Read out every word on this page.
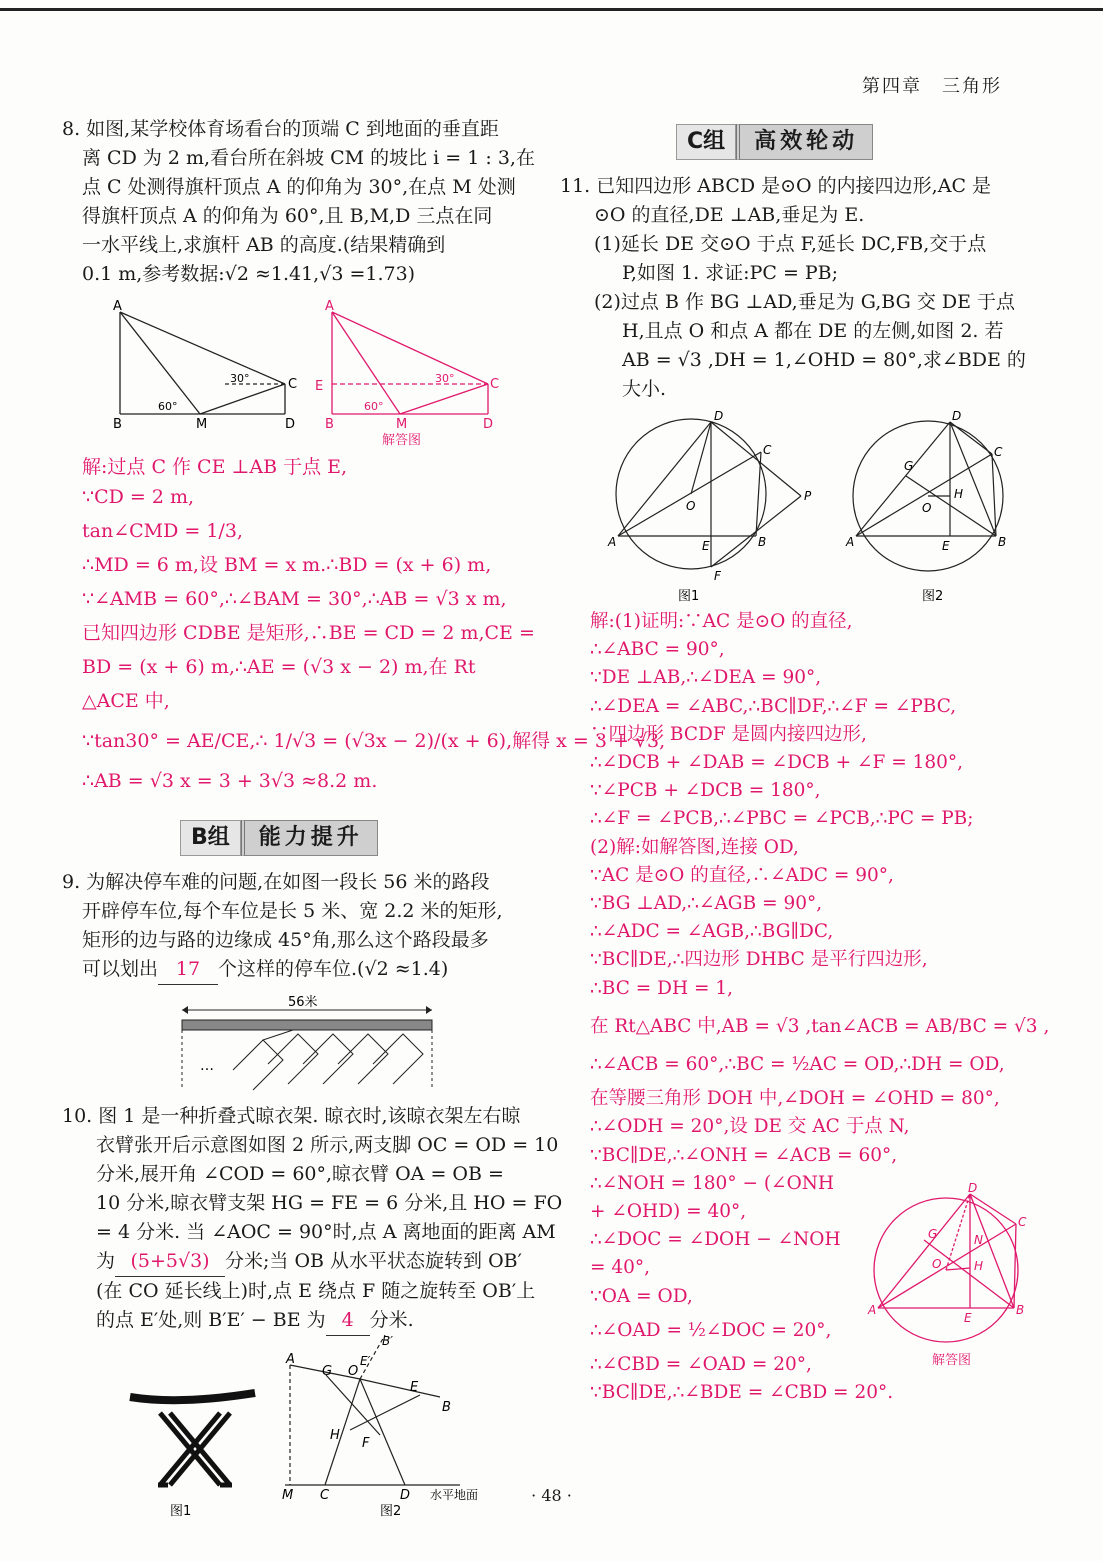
第四章　三角形
8. 如图,某学校体育场看台的顶端 C 到地面的垂直距
离 CD 为 2 m,看台所在斜坡 CM 的坡比 i = 1 : 3,在
点 C 处测得旗杆顶点 A 的仰角为 30°,在点 M 处测
得旗杆顶点 A 的仰角为 60°,且 B,M,D 三点在同
一水平线上,求旗杆 AB 的高度.(结果精确到
0.1 m,参考数据:√2 ≈1.41,√3 =1.73)
A
B	M	D
C
30°
60°
A
E
B	M	D
C
30°
60°
解答图
解:过点 C 作 CE ⊥AB 于点 E,
∵CD = 2 m,
tan∠CMD = 1/3,
∴MD = 6 m,设 BM = x m.∴BD = (x + 6) m,
∵∠AMB = 60°,∴∠BAM = 30°,∴AB = √3 x m,
已知四边形 CDBE 是矩形,∴BE = CD = 2 m,CE =
BD = (x + 6) m,∴AE = (√3 x − 2) m,在 Rt
△ACE 中,
∵tan30° = AE/CE,∴ 1/√3 = (√3x − 2)/(x + 6),解得 x = 3 + √3,
∴AB = √3 x = 3 + 3√3 ≈8.2 m.
B组	能力提升
9. 为解决停车难的问题,在如图一段长 56 米的路段
开辟停车位,每个车位是长 5 米、宽 2.2 米的矩形,
矩形的边与路的边缘成 45°角,那么这个路段最多
可以划出 17 个这样的停车位.(√2 ≈1.4)
56米
…
10. 图 1 是一种折叠式晾衣架. 晾衣时,该晾衣架左右晾
衣臂张开后示意图如图 2 所示,两支脚 OC = OD = 10
分米,展开角 ∠COD = 60°,晾衣臂 OA = OB =
10 分米,晾衣臂支架 HG = FE = 6 分米,且 HO = FO
= 4 分米. 当 ∠AOC = 90°时,点 A 离地面的距离 AM
为 (5+5√3) 分米;当 OB 从水平状态旋转到 OB′
(在 CO 延长线上)时,点 E 绕点 F 随之旋转至 OB′上
的点 E′处,则 B′E′ − BE 为 4 分米.
图1
A
G O
E′
B′
E
B
H
F
M C	D 水平地面
图2
· 48 ·
C组	高效轮动
11. 已知四边形 ABCD 是⊙O 的内接四边形,AC 是
⊙O 的直径,DE ⊥AB,垂足为 E.
(1)延长 DE 交⊙O 于点 F,延长 DC,FB,交于点
P,如图 1. 求证:PC = PB;
(2)过点 B 作 BG ⊥AD,垂足为 G,BG 交 DE 于点
H,且点 O 和点 A 都在 DE 的左侧,如图 2. 若
AB = √3 ,DH = 1,∠OHD = 80°,求∠BDE 的
大小.
A	B
C
D
E
F
O
P
图1
A	B
C
D
E
G
H
O
图2
解:(1)证明:∵AC 是⊙O 的直径,
∴∠ABC = 90°,
∵DE ⊥AB,∴∠DEA = 90°,
∴∠DEA = ∠ABC,∴BC∥DF,∴∠F = ∠PBC,
∵四边形 BCDF 是圆内接四边形,
∴∠DCB + ∠DAB = ∠DCB + ∠F = 180°,
∵∠PCB + ∠DCB = 180°,
∴∠F = ∠PCB,∴∠PBC = ∠PCB,∴PC = PB;
(2)解:如解答图,连接 OD,
∵AC 是⊙O 的直径,∴∠ADC = 90°,
∵BG ⊥AD,∴∠AGB = 90°,
∴∠ADC = ∠AGB,∴BG∥DC,
∵BC∥DE,∴四边形 DHBC 是平行四边形,
∴BC = DH = 1,
在 Rt△ABC 中,AB = √3 ,tan∠ACB = AB/BC = √3 ,
∴∠ACB = 60°,∴BC = ½AC = OD,∴DH = OD,
在等腰三角形 DOH 中,∠DOH = ∠OHD = 80°,
∴∠ODH = 20°,设 DE 交 AC 于点 N,
∵BC∥DE,∴∠ONH = ∠ACB = 60°,
∴∠NOH = 180° − (∠ONH
+ ∠OHD) = 40°,
∴∠DOC = ∠DOH − ∠NOH
= 40°,
∵OA = OD,
∴∠OAD = ½∠DOC = 20°,
∴∠CBD = ∠OAD = 20°,
∵BC∥DE,∴∠BDE = ∠CBD = 20°.
A	B
C
D
E
G
H
N
O
解答图
